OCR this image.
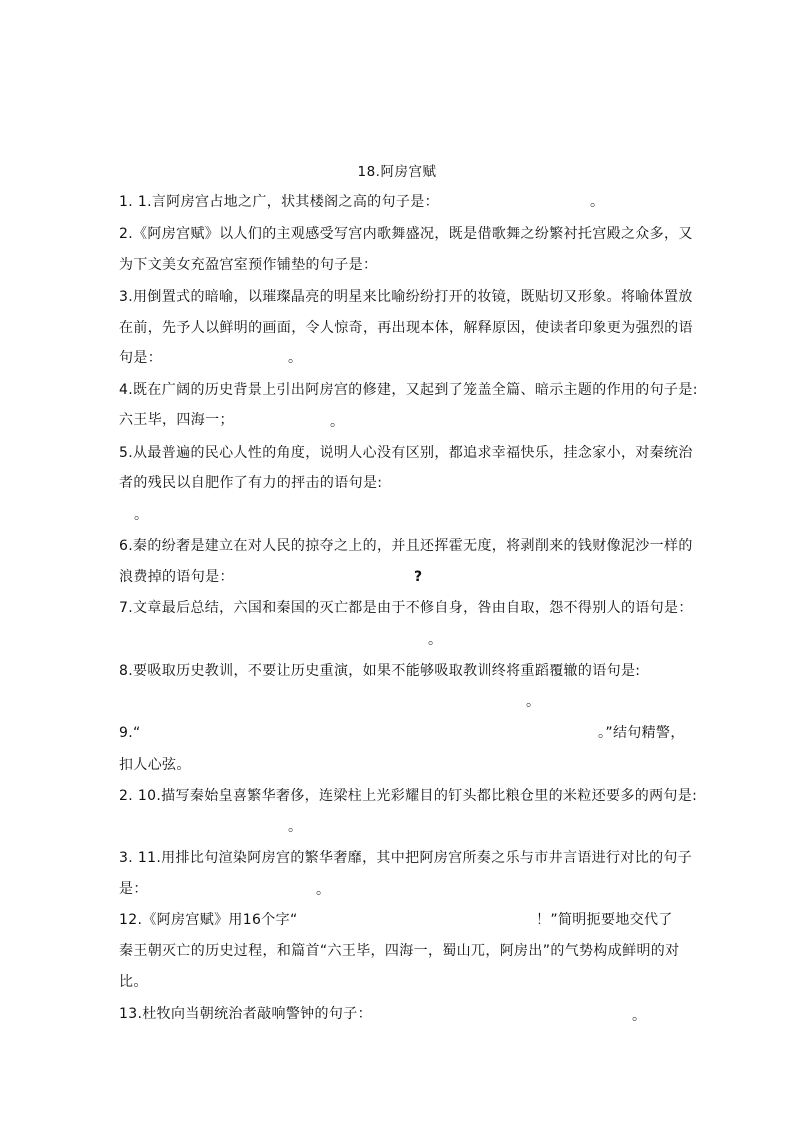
18.阿房宫赋
1. 1.言阿房宫占地之广，状其楼阁之高的句子是：	。
2.《阿房宫赋》以人们的主观感受写宫内歌舞盛况，既是借歌舞之纷繁衬托宫殿之众多，又
为下文美女充盈宫室预作铺垫的句子是：
3.用倒置式的暗喻，以璀璨晶亮的明星来比喻纷纷打开的妆镜，既贴切又形象。将喻体置放
在前，先予人以鲜明的画面，令人惊奇，再出现本体，解释原因，使读者印象更为强烈的语
句是：	。
4.既在广阔的历史背景上引出阿房宫的修建，又起到了笼盖全篇、暗示主题的作用的句子是:
六王毕，四海一；	。
5.从最普遍的民心人性的角度，说明人心没有区别，都追求幸福快乐，挂念家小，对秦统治
者的残民以自肥作了有力的抨击的语句是:
。
6.秦的纷奢是建立在对人民的掠夺之上的，并且还挥霍无度，将剥削来的钱财像泥沙一样的
浪费掉的语句是：	?
7.文章最后总结，六国和秦国的灭亡都是由于不修自身，咎由自取，怨不得别人的语句是：
。
8.要吸取历史教训，不要让历史重演，如果不能够吸取教训终将重蹈覆辙的语句是:
。
9.“	。”结句精警，
扣人心弦。
2. 10.描写秦始皇喜繁华奢侈，连梁柱上光彩耀目的钉头都比粮仓里的米粒还要多的两句是:
。
3. 11.用排比句渲染阿房宫的繁华奢靡，其中把阿房宫所奏之乐与市井言语进行对比的句子
是：	。
12.《阿房宫赋》用16个字“	！”简明扼要地交代了
秦王朝灭亡的历史过程，和篇首“六王毕，四海一，蜀山兀，阿房出”的气势构成鲜明的对
比。
13.杜牧向当朝统治者敲响警钟的句子：	。
